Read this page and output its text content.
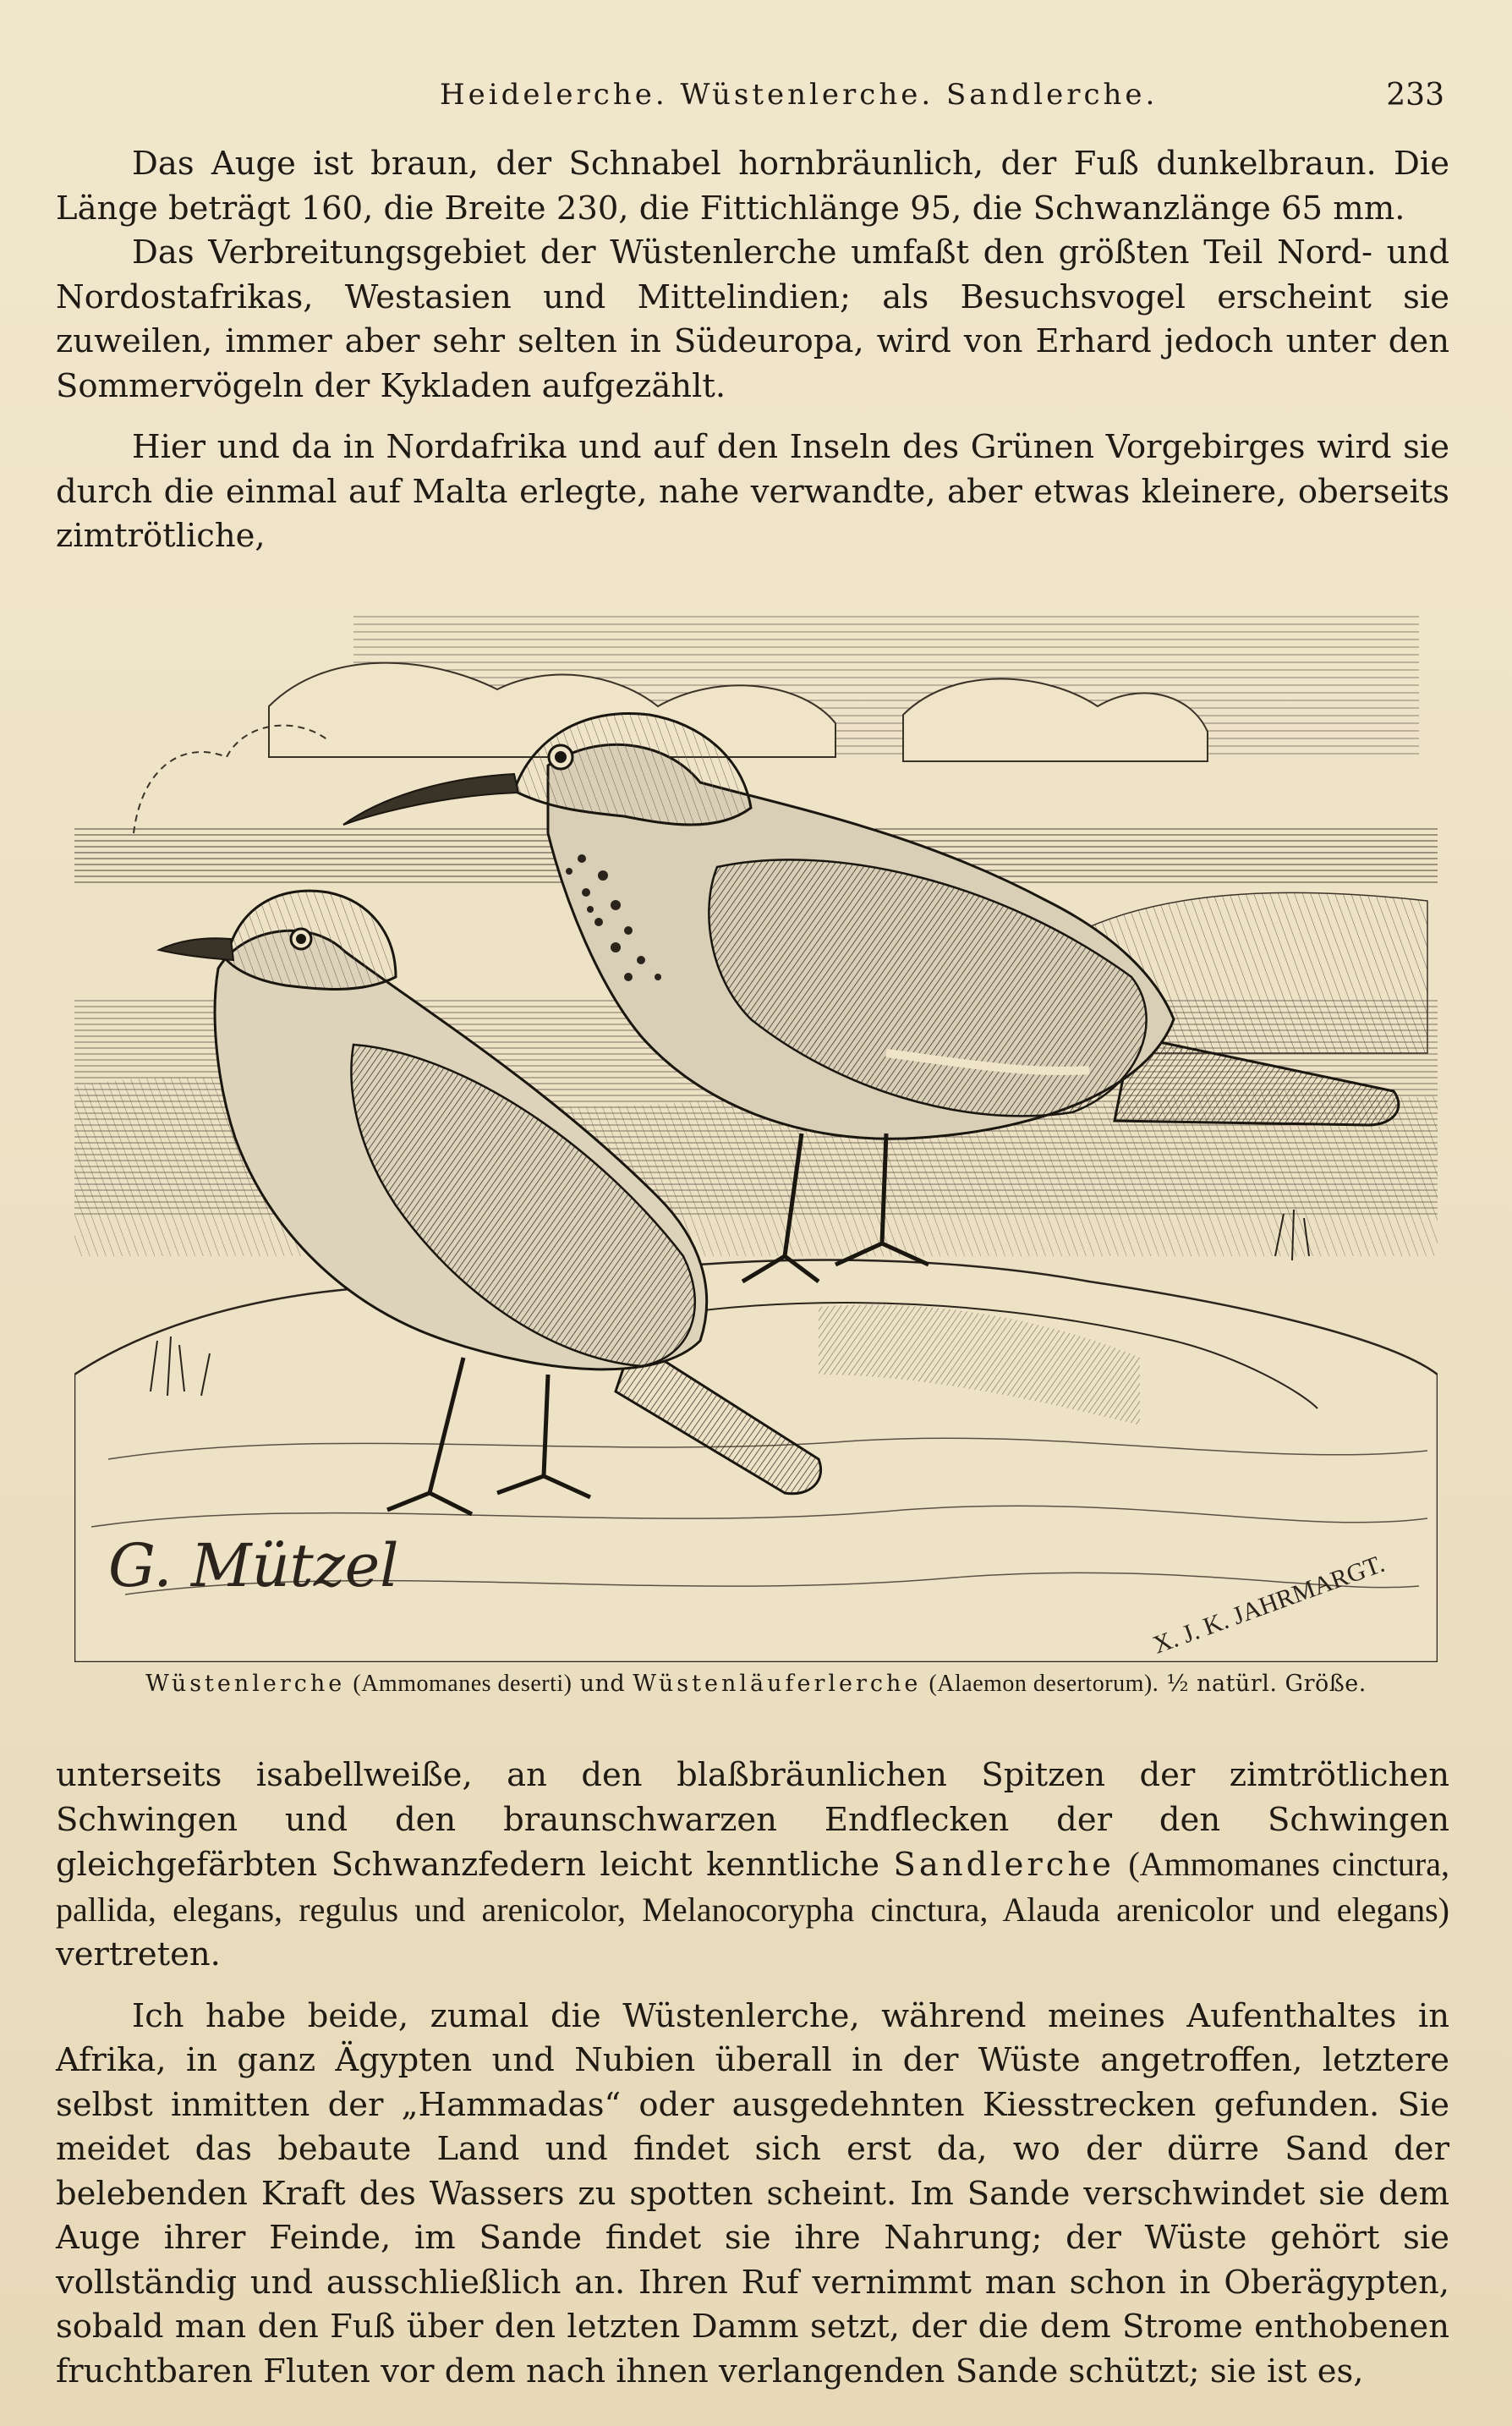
Heidelerche. Wüstenlerche. Sandlerche.	233

Das Auge ist braun, der Schnabel hornbräunlich, der Fuß dunkelbraun. Die Länge beträgt 160, die Breite 230, die Fittichlänge 95, die Schwanzlänge 65 mm.

Das Verbreitungsgebiet der Wüstenlerche umfaßt den größten Teil Nord- und Nordostafrikas, Westasien und Mittelindien; als Besuchsvogel erscheint sie zuweilen, immer aber sehr selten in Südeuropa, wird von Erhard jedoch unter den Sommervögeln der Kykladen aufgezählt.

Hier und da in Nordafrika und auf den Inseln des Grünen Vorgebirges wird sie durch die einmal auf Malta erlegte, nahe verwandte, aber etwas kleinere, oberseits zimtrötliche,

G. Mützel	X. J. K. JAHRMARGT.
Wüstenlerche (Ammomanes deserti) und Wüstenläuferlerche (Alaemon desertorum). ½ natürl. Größe.

unterseits isabellweiße, an den blaßbräunlichen Spitzen der zimtrötlichen Schwingen und den braunschwarzen Endflecken der den Schwingen gleichgefärbten Schwanzfedern leicht kenntliche Sandlerche (Ammomanes cinctura, pallida, elegans, regulus und arenicolor, Melanocorypha cinctura, Alauda arenicolor und elegans) vertreten.

Ich habe beide, zumal die Wüstenlerche, während meines Aufenthaltes in Afrika, in ganz Ägypten und Nubien überall in der Wüste angetroffen, letztere selbst inmitten der „Hammadas“ oder ausgedehnten Kiesstrecken gefunden. Sie meidet das bebaute Land und findet sich erst da, wo der dürre Sand der belebenden Kraft des Wassers zu spotten scheint. Im Sande verschwindet sie dem Auge ihrer Feinde, im Sande findet sie ihre Nahrung; der Wüste gehört sie vollständig und ausschließlich an. Ihren Ruf vernimmt man schon in Oberägypten, sobald man den Fuß über den letzten Damm setzt, der die dem Strome enthobenen fruchtbaren Fluten vor dem nach ihnen verlangenden Sande schützt; sie ist es,
